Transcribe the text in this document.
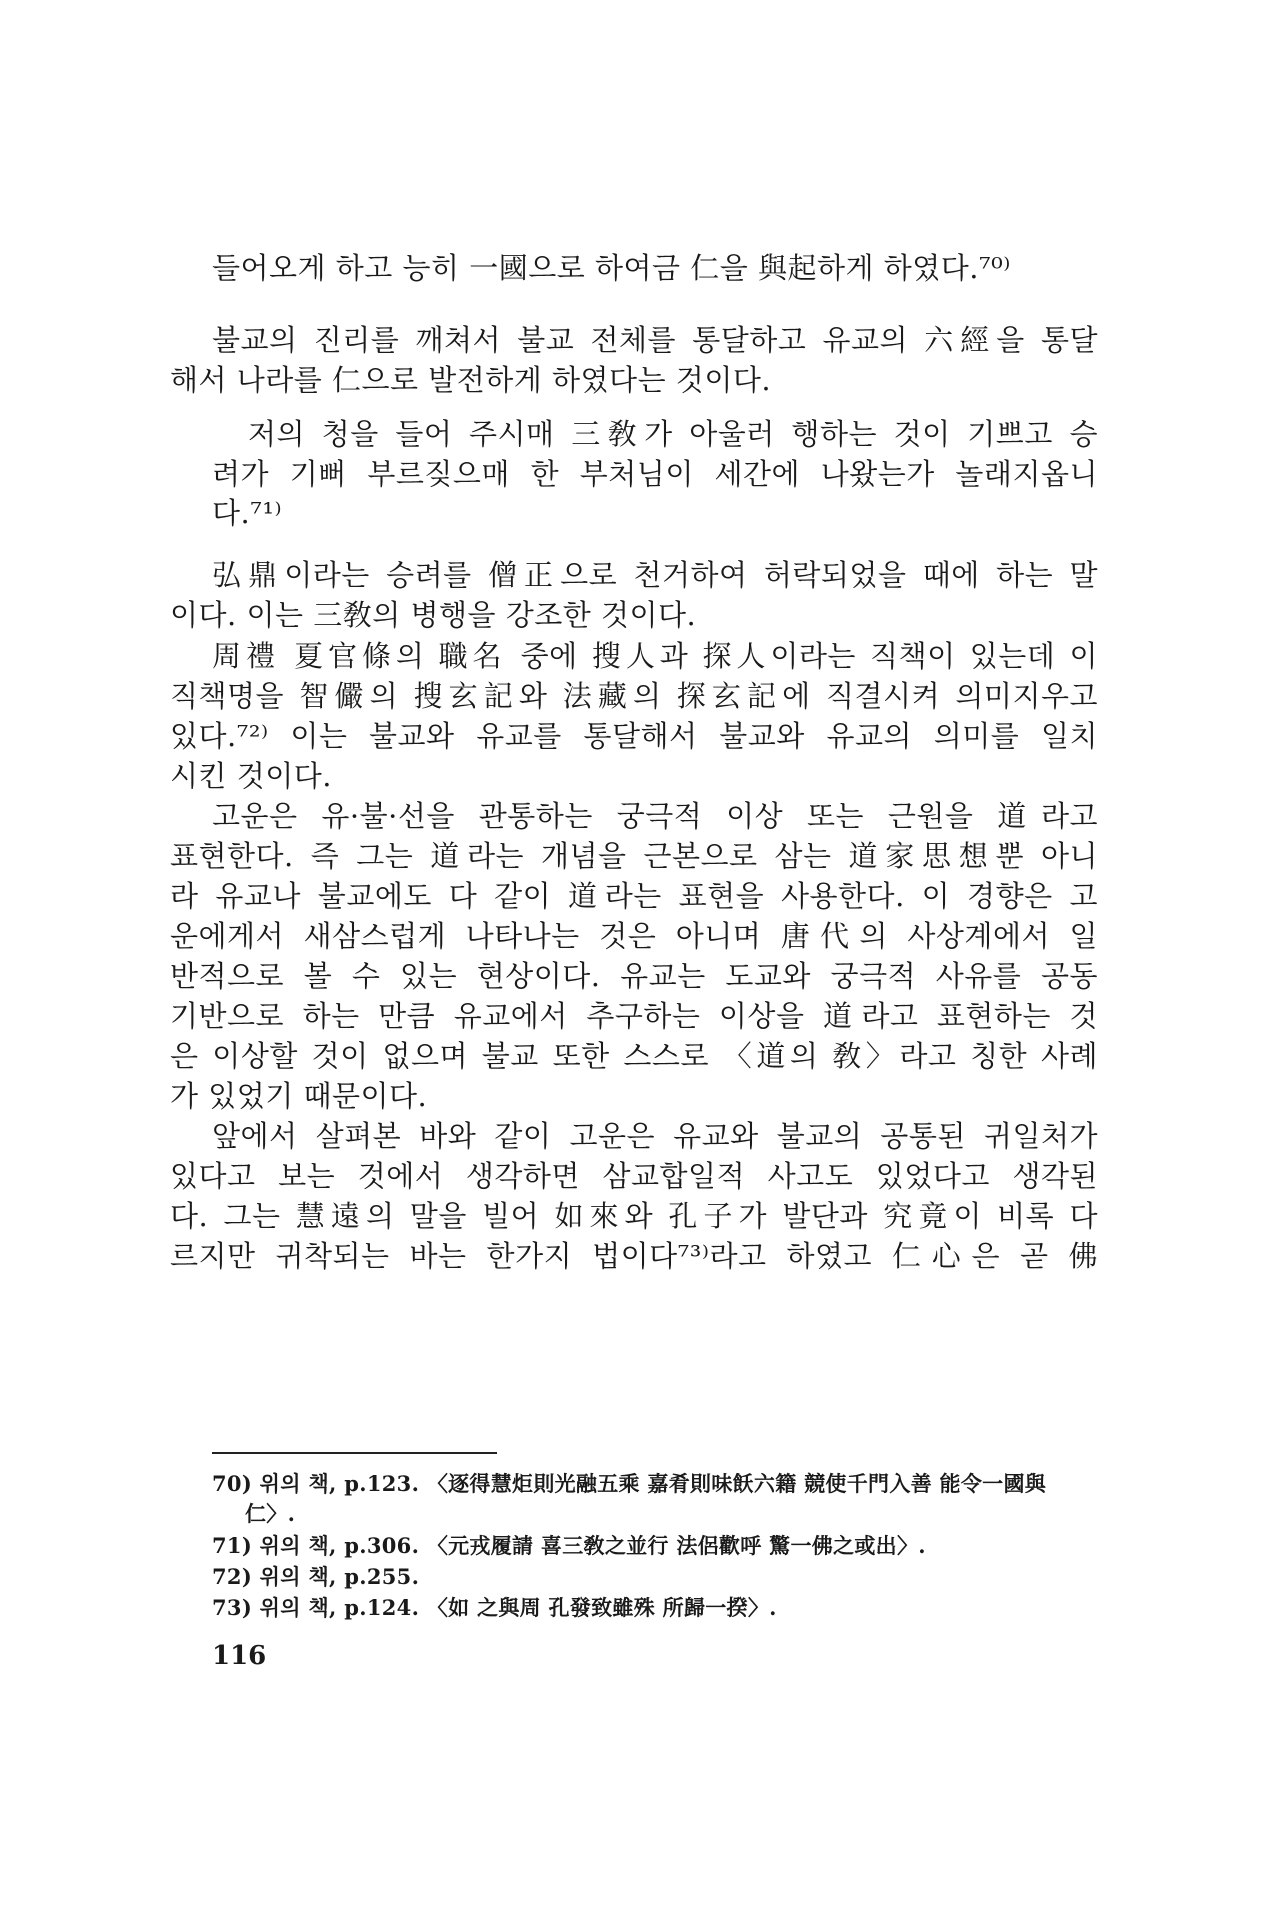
들어오게 하고 능히 一國으로 하여금 仁을 與起하게 하였다.⁷⁰⁾
불교의 진리를 깨쳐서 불교 전체를 통달하고 유교의 六經을 통달
해서 나라를 仁으로 발전하게 하였다는 것이다.
저의 청을 들어 주시매 三敎가 아울러 행하는 것이 기쁘고 승
려가 기뻐 부르짖으매 한 부처님이 세간에 나왔는가 놀래지옵니
다.⁷¹⁾
弘鼎이라는 승려를 僧正으로 천거하여 허락되었을 때에 하는 말
이다. 이는 三敎의 병행을 강조한 것이다.
周禮 夏官條의 職名 중에 搜人과 探人이라는 직책이 있는데 이
직책명을 智儼의 搜玄記와 法藏의 探玄記에 직결시켜 의미지우고
있다.⁷²⁾ 이는 불교와 유교를 통달해서 불교와 유교의 의미를 일치
시킨 것이다.
고운은 유·불·선을 관통하는 궁극적 이상 또는 근원을 道라고
표현한다. 즉 그는 道라는 개념을 근본으로 삼는 道家思想뿐 아니
라 유교나 불교에도 다 같이 道라는 표현을 사용한다. 이 경향은 고
운에게서 새삼스럽게 나타나는 것은 아니며 唐代의 사상계에서 일
반적으로 볼 수 있는 현상이다. 유교는 도교와 궁극적 사유를 공동
기반으로 하는 만큼 유교에서 추구하는 이상을 道라고 표현하는 것
은 이상할 것이 없으며 불교 또한 스스로 〈道의 敎〉라고 칭한 사례
가 있었기 때문이다.
앞에서 살펴본 바와 같이 고운은 유교와 불교의 공통된 귀일처가
있다고 보는 것에서 생각하면 삼교합일적 사고도 있었다고 생각된
다. 그는 慧遠의 말을 빌어 如來와 孔子가 발단과 究竟이 비록 다
르지만 귀착되는 바는 한가지 법이다⁷³⁾라고 하였고 仁心은 곧 佛
70) 위의 책, p.123. 〈逐得慧炬則光融五乘 嘉肴則味飫六籍 競使千門入善 能令一國與
仁〉.
71) 위의 책, p.306. 〈元戎履請 喜三敎之並行 法侶歡呼 驚一佛之或出〉.
72) 위의 책, p.255.
73) 위의 책, p.124. 〈如 之與周 孔發致雖殊 所歸一揆〉.
116
